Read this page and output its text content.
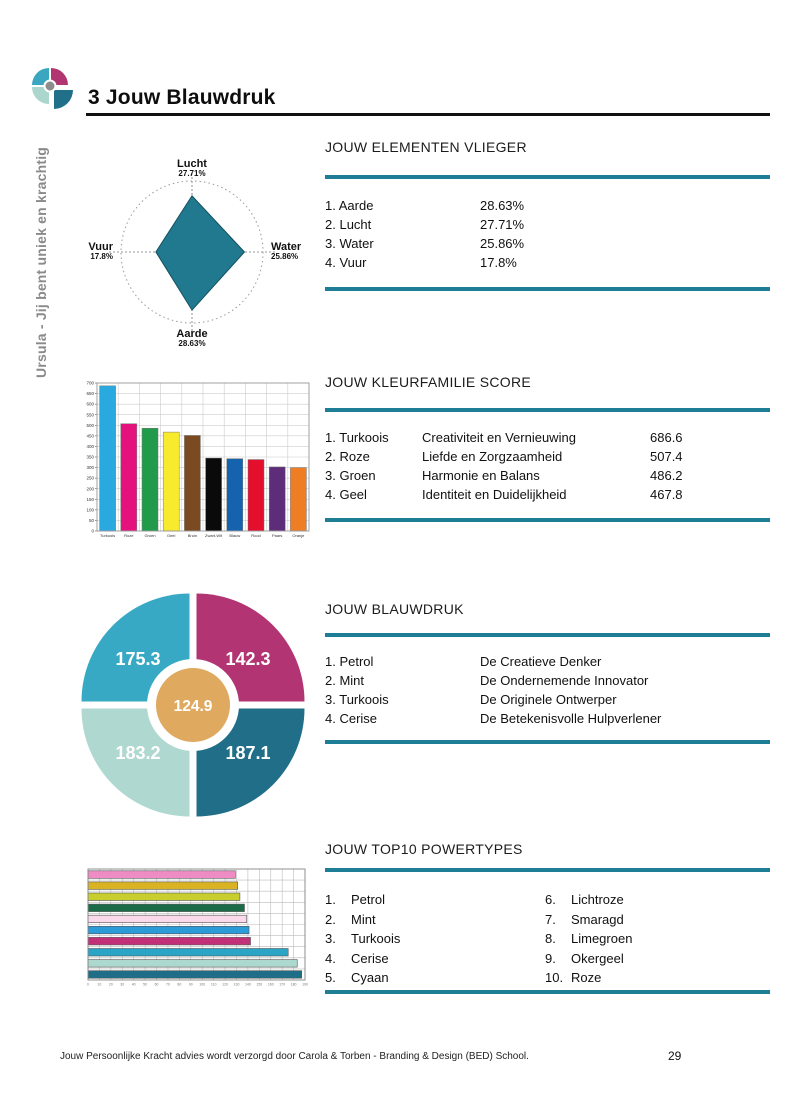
3 Jouw Blauwdruk
Ursula - Jij bent uniek en krachtig	Lucht
27.71%
Water
25.86%
Aarde
28.63%
Vuur
17.8%
JOUW ELEMENTEN VLIEGER
1. Aarde	28.63%
2. Lucht	27.71%
3. Water	25.86%
4. Vuur	17.8%
0
50
100
150
200
250
300
350
400
450
500
550
600
650
700
Turkoois Roze	Groen	Geel	Bruin Zwart-Wit Blauw	Rood	Paars Oranje
JOUW KLEURFAMILIE SCORE
1. Turkoois	Creativiteit en Vernieuwing	686.6
2. Roze	Liefde en Zorgzaamheid	507.4
3. Groen	Harmonie en Balans	486.2
4. Geel	Identiteit en Duidelijkheid	467.8
175.3	142.3
183.2	187.1
124.9
JOUW BLAUWDRUK
1. Petrol	De Creatieve Denker
2. Mint	De Ondernemende Innovator
3. Turkoois	De Originele Ontwerper
4. Cerise	De Betekenisvolle Hulpverlener
0 10 20 30 40 50 60 70 80 90 100 110 120 130 140 150 160 170 180 190
JOUW TOP10 POWERTYPES
1. Petrol
2. Mint
3. Turkoois
4. Cerise
5. Cyaan
6. Lichtroze
7. Smaragd
8. Limegroen
9. Okergeel
10. Roze
Jouw Persoonlijke Kracht advies wordt verzorgd door Carola & Torben - Branding & Design (BED) School.	29
